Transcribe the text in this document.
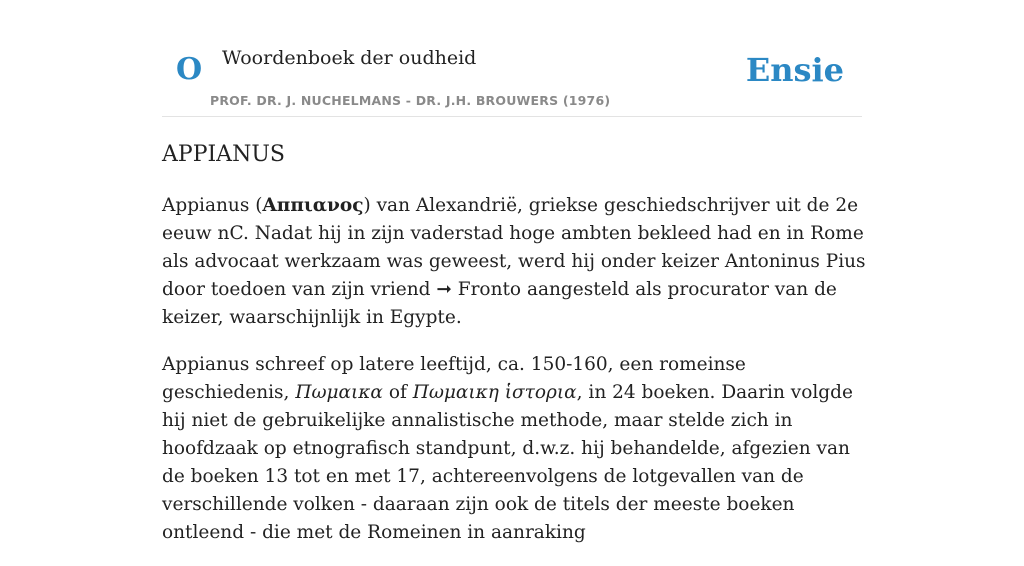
O Woordenboek der oudheid
PROF. DR. J. NUCHELMANS - DR. J.H. BROUWERS (1976)
Ensie
APPIANUS

Appianus (Αππιανος) van Alexandrië, griekse geschiedschrijver uit de 2e eeuw nC. Nadat hij in zijn vaderstad hoge ambten bekleed had en in Rome als advocaat werkzaam was geweest, werd hij onder keizer Antoninus Pius door toedoen van zijn vriend ➞ Fronto aangesteld als procurator van de keizer, waarschijnlijk in Egypte.

Appianus schreef op latere leeftijd, ca. 150-160, een romeinse geschiedenis, Πωμαικα of Πωμαικη ἱστορια, in 24 boeken. Daarin volgde hij niet de gebruikelijke annalistische methode, maar stelde zich in hoofdzaak op etnografisch standpunt, d.w.z. hij behandelde, afgezien van de boeken 13 tot en met 17, achtereenvolgens de lotgevallen van de verschillende volken - daaraan zijn ook de titels der meeste boeken ontleend - die met de Romeinen in aanraking
